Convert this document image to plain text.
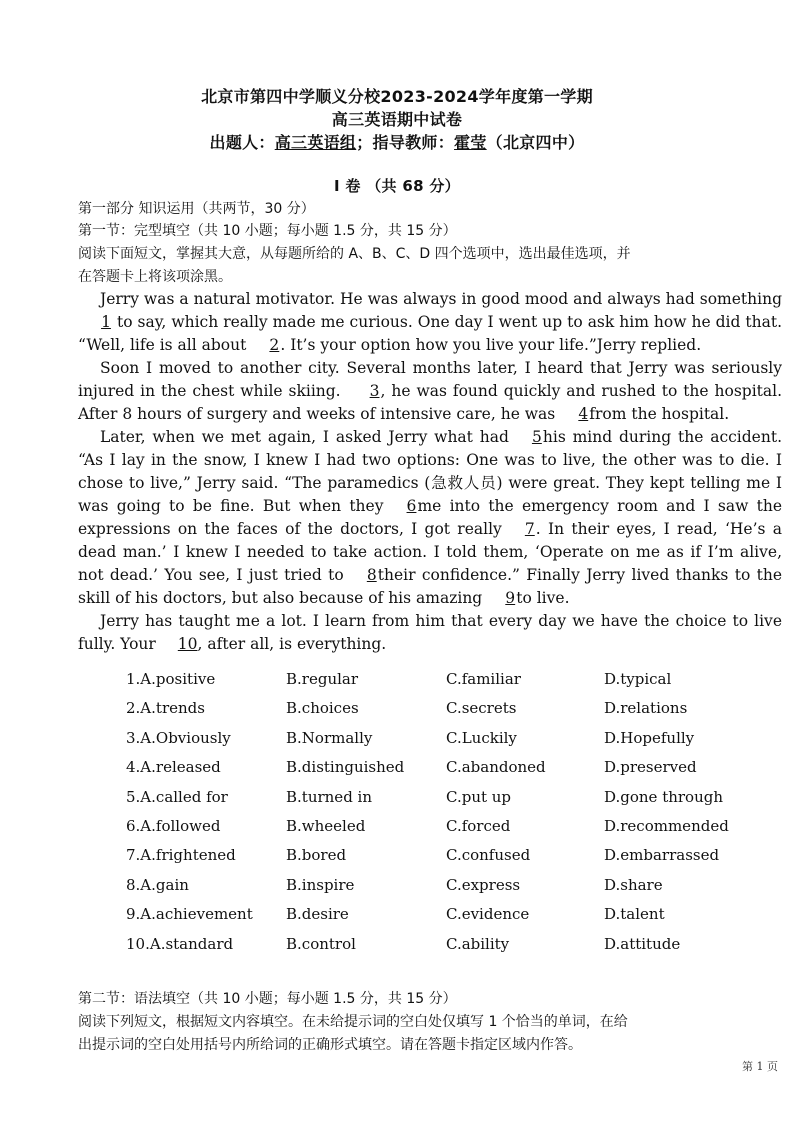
北京市第四中学顺义分校2023-2024学年度第一学期
高三英语期中试卷
出题人：高三英语组；指导教师：霍莹（北京四中）
I 卷 （共 68 分）
第一部分 知识运用（共两节，30 分）
第一节：完型填空（共 10 小题；每小题 1.5 分，共 15 分）
阅读下面短文，掌握其大意，从每题所给的 A、B、C、D 四个选项中，选出最佳选项，并
在答题卡上将该项涂黑。

Jerry was a natural motivator. He was always in good mood and always had something 1 to say, which really made me curious. One day I went up to ask him how he did that. “Well, life is all about 2. It’s your option how you live your life.”Jerry replied.

Soon I moved to another city. Several months later, I heard that Jerry was seriously injured in the chest while skiing. 3, he was found quickly and rushed to the hospital. After 8 hours of surgery and weeks of intensive care, he was 4from the hospital.

Later, when we met again, I asked Jerry what had 5his mind during the accident. “As I lay in the snow, I knew I had two options: One was to live, the other was to die. I chose to live,” Jerry said. “The paramedics (急救人员) were great. They kept telling me I was going to be fine. But when they 6me into the emergency room and I saw the expressions on the faces of the doctors, I got really 7. In their eyes, I read, ‘He’s a dead man.’ I knew I needed to take action. I told them, ‘Operate on me as if I’m alive, not dead.’ You see, I just tried to 8their confidence.” Finally Jerry lived thanks to the skill of his doctors, but also because of his amazing 9to live.

Jerry has taught me a lot. I learn from him that every day we have the choice to live fully. Your 10, after all, is everything.

1.A.positive	B.regular	C.familiar	D.typical
2.A.trends	B.choices	C.secrets	D.relations
3.A.Obviously	B.Normally	C.Luckily	D.Hopefully
4.A.released	B.distinguished	C.abandoned	D.preserved
5.A.called for	B.turned in	C.put up	D.gone through
6.A.followed	B.wheeled	C.forced	D.recommended
7.A.frightened	B.bored	C.confused	D.embarrassed
8.A.gain	B.inspire	C.express	D.share
9.A.achievement B.desire	C.evidence	D.talent
10.A.standard	B.control	C.ability	D.attitude
第二节：语法填空（共 10 小题；每小题 1.5 分，共 15 分）
阅读下列短文，根据短文内容填空。在未给提示词的空白处仅填写 1 个恰当的单词，在给
出提示词的空白处用括号内所给词的正确形式填空。请在答题卡指定区域内作答。
第 1 页
